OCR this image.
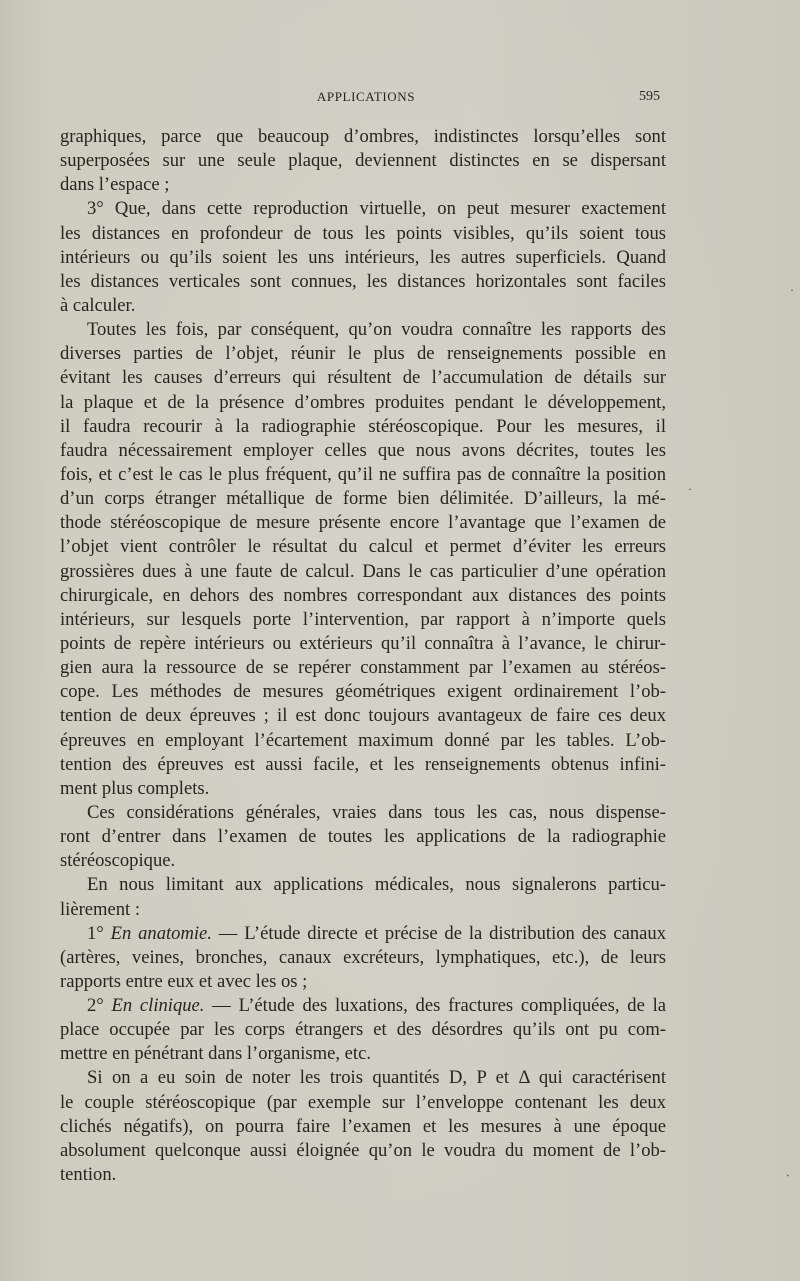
APPLICATIONS	595
graphiques, parce que beaucoup d’ombres, indistinctes lorsqu’elles sont
superposées sur une seule plaque, deviennent distinctes en se dispersant
dans l’espace ;
3° Que, dans cette reproduction virtuelle, on peut mesurer exactement
les distances en profondeur de tous les points visibles, qu’ils soient tous
intérieurs ou qu’ils soient les uns intérieurs, les autres superficiels. Quand
les distances verticales sont connues, les distances horizontales sont faciles
à calculer.
Toutes les fois, par conséquent, qu’on voudra connaître les rapports des
diverses parties de l’objet, réunir le plus de renseignements possible en
évitant les causes d’erreurs qui résultent de l’accumulation de détails sur
la plaque et de la présence d’ombres produites pendant le développement,
il faudra recourir à la radiographie stéréoscopique. Pour les mesures, il
faudra nécessairement employer celles que nous avons décrites, toutes les
fois, et c’est le cas le plus fréquent, qu’il ne suffira pas de connaître la position
d’un corps étranger métallique de forme bien délimitée. D’ailleurs, la mé-
thode stéréoscopique de mesure présente encore l’avantage que l’examen de
l’objet vient contrôler le résultat du calcul et permet d’éviter les erreurs
grossières dues à une faute de calcul. Dans le cas particulier d’une opération
chirurgicale, en dehors des nombres correspondant aux distances des points
intérieurs, sur lesquels porte l’intervention, par rapport à n’importe quels
points de repère intérieurs ou extérieurs qu’il connaîtra à l’avance, le chirur-
gien aura la ressource de se repérer constamment par l’examen au stéréos-
cope. Les méthodes de mesures géométriques exigent ordinairement l’ob-
tention de deux épreuves ; il est donc toujours avantageux de faire ces deux
épreuves en employant l’écartement maximum donné par les tables. L’ob-
tention des épreuves est aussi facile, et les renseignements obtenus infini-
ment plus complets.
Ces considérations générales, vraies dans tous les cas, nous dispense-
ront d’entrer dans l’examen de toutes les applications de la radiographie
stéréoscopique.
En nous limitant aux applications médicales, nous signalerons particu-
lièrement :
1° En anatomie. — L’étude directe et précise de la distribution des canaux
(artères, veines, bronches, canaux excréteurs, lymphatiques, etc.), de leurs
rapports entre eux et avec les os ;
2° En clinique. — L’étude des luxations, des fractures compliquées, de la
place occupée par les corps étrangers et des désordres qu’ils ont pu com-
mettre en pénétrant dans l’organisme, etc.
Si on a eu soin de noter les trois quantités D, P et Δ qui caractérisent
le couple stéréoscopique (par exemple sur l’enveloppe contenant les deux
clichés négatifs), on pourra faire l’examen et les mesures à une époque
absolument quelconque aussi éloignée qu’on le voudra du moment de l’ob-
tention.
·
·
ˏ
